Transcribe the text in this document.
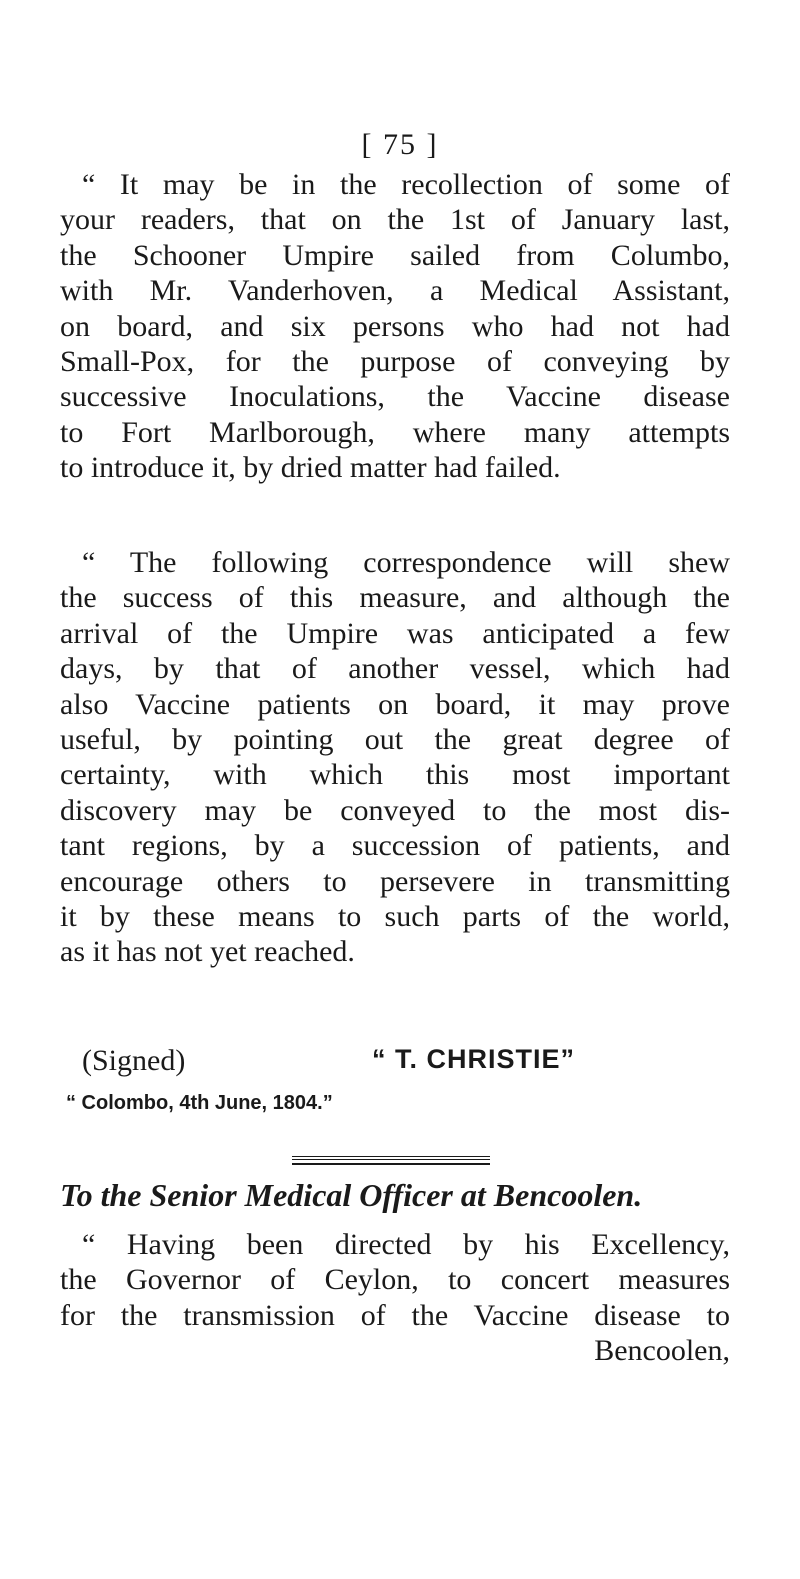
[ 75 ]
“ It may be in the recollection of some of
your readers, that on the 1st of January last,
the Schooner Umpire sailed from Columbo,
with Mr. Vanderhoven, a Medical Assistant,
on board, and six persons who had not had
Small-Pox, for the purpose of conveying by
successive Inoculations, the Vaccine disease
to Fort Marlborough, where many attempts
to introduce it, by dried matter had failed.
“ The following correspondence will shew
the success of this measure, and although the
arrival of the Umpire was anticipated a few
days, by that of another vessel, which had
also Vaccine patients on board, it may prove
useful, by pointing out the great degree of
certainty, with which this most important
discovery may be conveyed to the most dis-
tant regions, by a succession of patients, and
encourage others to persevere in transmitting
it by these means to such parts of the world,
as it has not yet reached.
(Signed)	“ T. CHRISTIE”
“ Colombo, 4th June, 1804.”
To the Senior Medical Officer at Bencoolen.
“ Having been directed by his Excellency,
the Governor of Ceylon, to concert measures
for the transmission of the Vaccine disease to
Bencoolen,
